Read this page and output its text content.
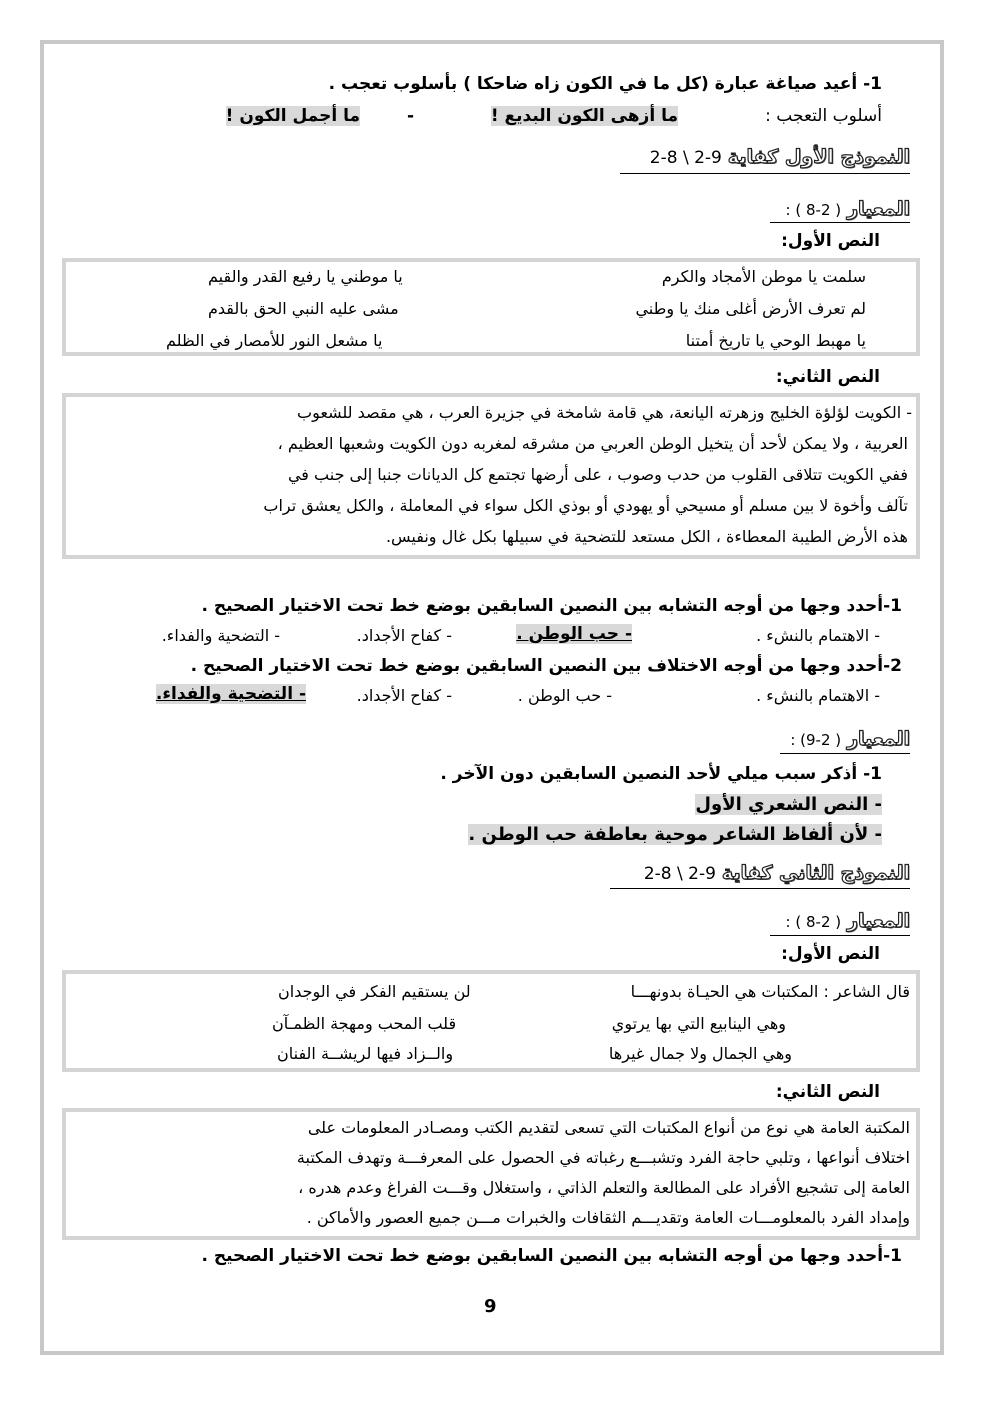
1- أعيد صياغة عبارة (كل ما في الكون زاه ضاحكا ) بأسلوب تعجب .
أسلوب التعجب :
ما أزهى الكون البديع !
-
ما أجمل الكون !
النموذج الأول كفاية 2-8 \ 2-9
المعيار ( 2-8 ) :
النص الأول:
سلمت يا موطن الأمجاد والكرم
يا موطني يا رفيع القدر والقيم
لم تعرف الأرض أغلى منك يا وطني
مشى عليه النبي الحق بالقدم
يا مهبط الوحي يا تاريخ أمتنا
يا مشعل النور للأمصار في الظلم
النص الثاني:
- الكويت لؤلؤة الخليج وزهرته اليانعة، هي قامة شامخة في جزيرة العرب ، هي مقصد للشعوب
العربية ، ولا يمكن لأحد أن يتخيل الوطن العربي من مشرقه لمغربه دون الكويت وشعبها العظيم ،
ففي الكويت تتلاقى القلوب من حدب وصوب ، على أرضها تجتمع كل الديانات جنبا إلى جنب في
تآلف وأخوة لا بين مسلم أو مسيحي أو يهودي أو بوذي الكل سواء في المعاملة ، والكل يعشق تراب
هذه الأرض الطيبة المعطاءة ، الكل مستعد للتضحية في سبيلها بكل غال ونفيس.
1-أحدد وجها من أوجه التشابه بين النصين السابقين بوضع خط تحت الاختيار الصحيح .
- الاهتمام بالنشء .
- حب الوطن .
- كفاح الأجداد.
- التضحية والفداء.
2-أحدد وجها من أوجه الاختلاف بين النصين السابقين بوضع خط تحت الاختيار الصحيح .
- الاهتمام بالنشء .
- حب الوطن .
- كفاح الأجداد.
- التضحية والفداء.
المعيار ( 2-9) :
1- أذكر سبب ميلي لأحد النصين السابقين دون الآخر .
- النص الشعري الأول
- لأن ألفاظ الشاعر موحية بعاطفة حب الوطن .
النموذج الثاني كفاية 2-8 \ 2-9
المعيار ( 2-8 ) :
النص الأول:
قال الشاعر : المكتبات هي الحيـاة بدونهـــا
لن يستقيم الفكر في الوجدان
وهي الينابيع التي بها يرتوي
قلب المحب ومهجة الظمـآن
وهي الجمال ولا جمال غيرها
والــزاد فيها لريشــة الفنان
النص الثاني:
المكتبة العامة هي نوع من أنواع المكتبات التي تسعى لتقديم الكتب ومصـادر المعلومات على
اختلاف أنواعها ، وتلبي حاجة الفرد وتشبـــع رغباته في الحصول على المعرفـــة وتهدف المكتبة
العامة إلى تشجيع الأفراد على المطالعة والتعلم الذاتي ، واستغلال وقـــت الفراغ وعدم هدره ،
وإمداد الفرد بالمعلومـــات العامة وتقديـــم الثقافات والخبرات مـــن جميع العصور والأماكن .
1-أحدد وجها من أوجه التشابه بين النصين السابقين بوضع خط تحت الاختيار الصحيح .
9
